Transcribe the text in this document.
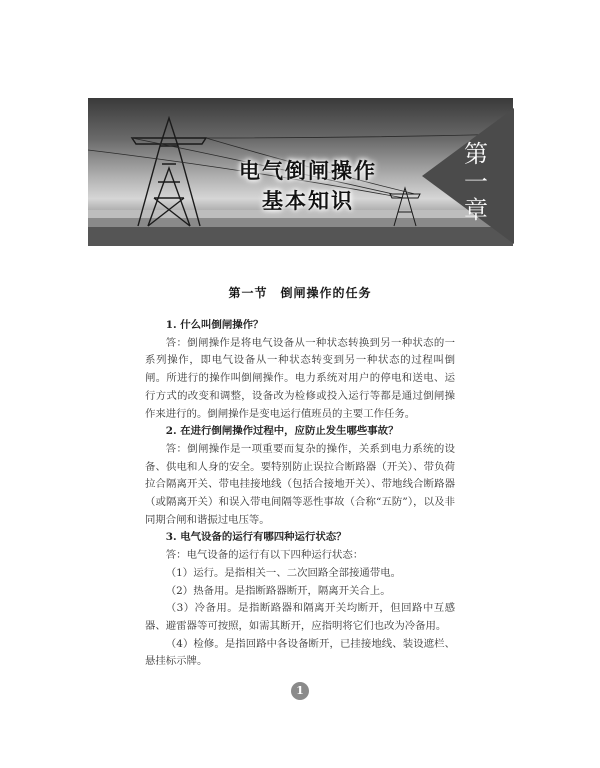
电气倒闸操作
基本知识
第
一
章
第一节　倒闸操作的任务

1. 什么叫倒闸操作？

答：倒闸操作是将电气设备从一种状态转换到另一种状态的一系列操作，即电气设备从一种状态转变到另一种状态的过程叫倒闸。所进行的操作叫倒闸操作。电力系统对用户的停电和送电、运行方式的改变和调整，设备改为检修或投入运行等都是通过倒闸操作来进行的。倒闸操作是变电运行值班员的主要工作任务。

2. 在进行倒闸操作过程中，应防止发生哪些事故？

答：倒闸操作是一项重要而复杂的操作，关系到电力系统的设备、供电和人身的安全。要特别防止误拉合断路器（开关）、带负荷拉合隔离开关、带电挂接地线（包括合接地开关）、带地线合断路器（或隔离开关）和误入带电间隔等恶性事故（合称“五防”），以及非同期合闸和谐振过电压等。

3. 电气设备的运行有哪四种运行状态？

答：电气设备的运行有以下四种运行状态：

（1）运行。是指相关一、二次回路全部接通带电。

（2）热备用。是指断路器断开，隔离开关合上。

（3）冷备用。是指断路器和隔离开关均断开，但回路中互感器、避雷器等可按照，如需其断开，应指明将它们也改为冷备用。

（4）检修。是指回路中各设备断开，已挂接地线、装设遮栏、悬挂标示牌。

1
